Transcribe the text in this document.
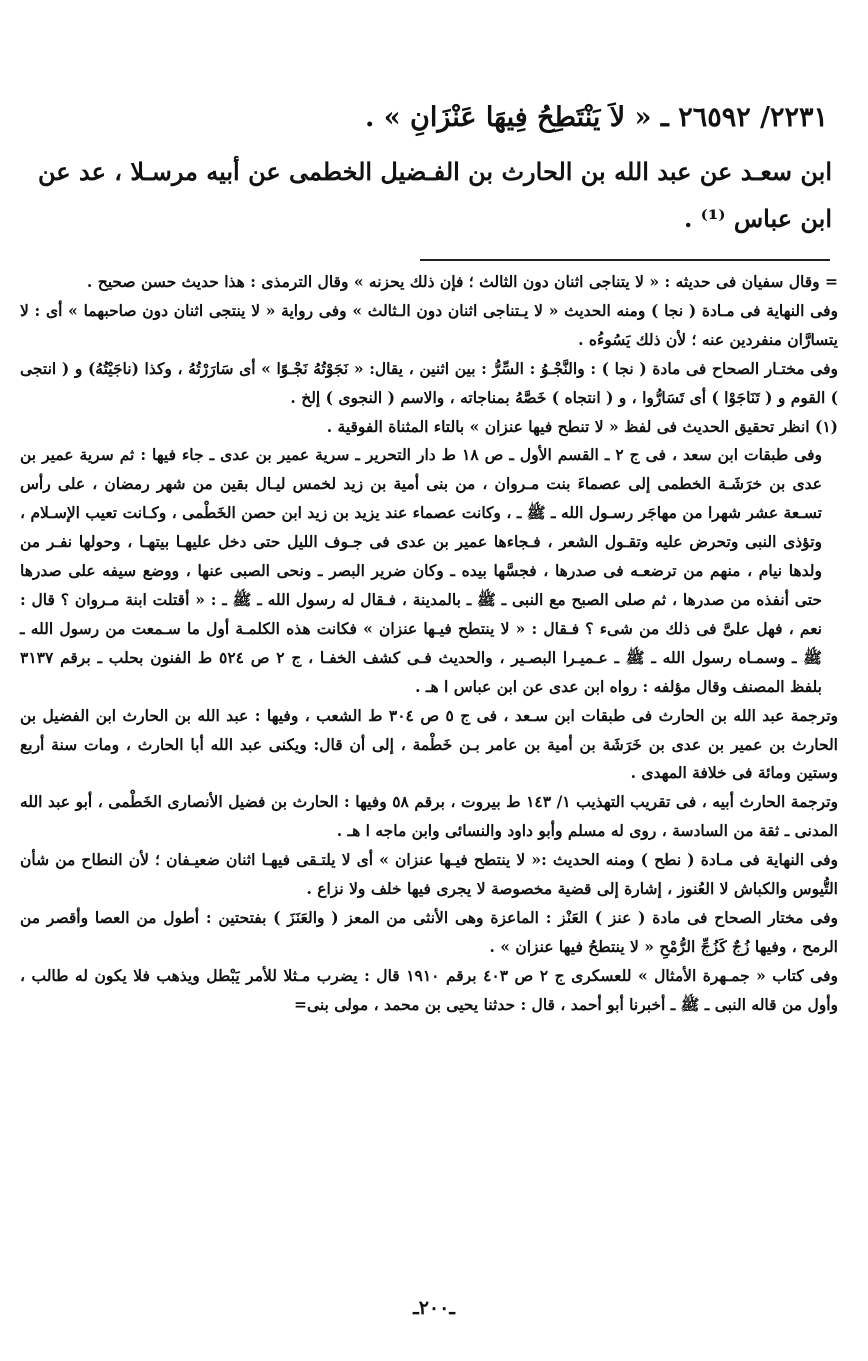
٢٢٣١/ ٢٦٥٩٢ ـ « لاَ يَنْتَطِحُ فِيهَا عَنْزَانِ » .
ابن سعـد عن عبد الله بن الحارث بن الفـضيل الخطمى عن أبيه مرسـلا ، عد عن ابن عباس ⁽¹⁾ .

= وقال سفيان فى حديثه : « لا يتناجى اثنان دون الثالث ؛ فإن ذلك يحزنه » وقال الترمذى : هذا حديث حسن صحيح .

وفى النهاية فى مـادة ( نجا ) ومنه الحديث « لا يـتناجى اثنان دون الـثالث » وفى رواية « لا ينتجى اثنان دون صاحبهما » أى : لا يتسارَّان منفردين عنه ؛ لأن ذلك يَسُوءُه .

وفى مختـار الصحاح فى مادة ( نجا ) : والنَّجْـوُ : السِّرُّ : بين اثنين ، يقال: « نَجَوْتُهُ نَجْـوًا » أى سَارَرْتُهُ ، وكذا (ناجَيْتُهُ) و ( انتجى ) القوم و ( تَنَاجَوْا ) أى تَسَارُّوا ، و ( انتجاه ) خَصَّهُ بمناجاته ، والاسم ( النجوى ) إلخ .

(١) انظر تحقيق الحديث فى لفظ « لا تنطح فيها عنزان » بالتاء المثناة الفوقية .

وفى طبقات ابن سعد ، فى ج ٢ ـ القسم الأول ـ ص ١٨ ط دار التحرير ـ سرية عمير بن عدى ـ جاء فيها : ثم سرية عمير بن عدى بن خرَشَـة الخطمى إلى عصماءَ بنت مـروان ، من بنى أمية بن زيد لخمس ليـال بقين من شهر رمضان ، على رأس تسـعة عشر شهرا من مهاجَر رسـول الله ـ ﷺ ـ ، وكانت عصماء عند يزيد بن زيد ابن حصن الخَطْمى ، وكـانت تعيب الإسـلام ، وتؤذى النبى وتحرض عليه وتقـول الشعر ، فـجاءها عمير بن عدى فى جـوف الليل حتى دخل عليهـا بيتهـا ، وحولها نفـر من ولدها نيام ، منهم من ترضعـه فى صدرها ، فجسَّها بيده ـ وكان ضرير البصر ـ ونحى الصبى عنها ، ووضع سيفه على صدرها حتى أنفذه من صدرها ، ثم صلى الصبح مع النبى ـ ﷺ ـ بالمدينة ، فـقال له رسول الله ـ ﷺ ـ : « أقتلت ابنة مـروان ؟ قال : نعم ، فهل علىَّ فى ذلك من شىء ؟ فـقال : « لا ينتطح فيـها عنزان » فكانت هذه الكلمـة أول ما سـمعت من رسول الله ـ ﷺ ـ وسمـاه رسول الله ـ ﷺ ـ عـميـرا البصـير ، والحديث فـى كشف الخفـا ، ج ٢ ص ٥٢٤ ط الفنون بحلب ـ برقم ٣١٣٧ بلفظ المصنف وقال مؤلفه : رواه ابن عدى عن ابن عباس ا هـ .

وترجمة عبد الله بن الحارث فى طبقات ابن سـعد ، فى ج ٥ ص ٣٠٤ ط الشعب ، وفيها : عبد الله بن الحارث ابن الفضيل بن الحارث بن عمير بن عدى بن خَرَشَة بن أمية بن عامر بـن خَطْمة ، إلى أن قال: ويكنى عبد الله أبا الحارث ، ومات سنة أربع وستين ومائة فى خلافة المهدى .

وترجمة الحارث أبيه ، فى تقريب التهذيب ١/ ١٤٣ ط بيروت ، برقم ٥٨ وفيها : الحارث بن فضيل الأنصارى الخَطْمى ، أبو عبد الله المدنى ـ ثقة من السادسة ، روى له مسلم وأبو داود والنسائى وابن ماجه ا هـ .

وفى النهاية فى مـادة ( نطح ) ومنه الحديث :« لا ينتطح فيـها عنزان » أى لا يلتـقى فيهـا اثنان ضعيـفان ؛ لأن النطاح من شأن التُّيوس والكباش لا العُنوز ، إشارة إلى قضية مخصوصة لا يجرى فيها خلف ولا نزاع .

وفى مختار الصحاح فى مادة ( عنز ) العَنْز : الماعزة وهى الأنثى من المعز ( والعَنَزَ ) بفتحتين : أطول من العصا وأقصر من الرمح ، وفيها زُجٌ كَزُجِّ الرُّمْحِ « لا ينتطحُ فيها عنزان » .

وفى كتاب « جمـهرة الأمثال » للعسكرى ج ٢ ص ٤٠٣ برقم ١٩١٠ قال : يضرب مـثلا للأمر يَبْطل ويذهب فلا يكون له طالب ، وأول من قاله النبى ـ ﷺ ـ أخبرنا أبو أحمد ، قال : حدثنا يحيى بن محمد ، مولى بنى=

ـ٢٠٠ـ
